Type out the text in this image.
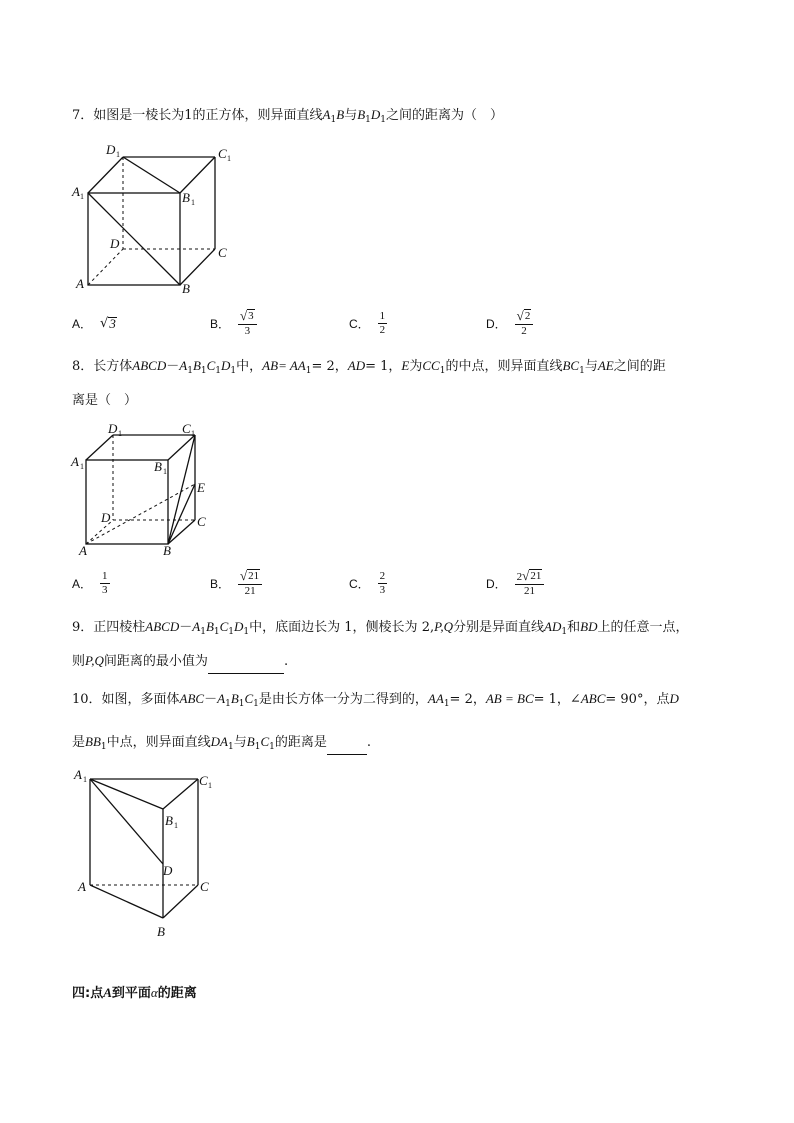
7．如图是一棱长为1的正方体，则异面直线$A_1B$与$B_1D_1$之间的距离为（　）
D 1	C 1
A 1	B 1
D
C
A	B
A． √ 3	B． $\frac{√ 3}{3}$	C． $\frac{1}{2}$	D． $\frac{√ 2}{2}$
8．长方体$ABCD-A_1B_1C_1D_1$中，$AB= AA_1= 2$，AD= 1，E为$CC_1$的中点，则异面直线$BC_1$与AE之间的距
离是（　）
D 1	C 1
A 1	B 1
E
D	C
A	B
A． $\frac{1}{3}$	B． $\frac{√ 21}{21}$	C． $\frac{2}{3}$	D． $\frac{2 √ 21}{21}$
9．正四棱柱$ABCD-A_1B_1C_1D_1$中，底面边长为 1，侧棱长为 2,P,Q分别是异面直线$AD_1$和BD上的任意一点，
则P,Q间距离的最小值为	.
10．如图，多面体$ABC-A_1B_1C_1$是由长方体一分为二得到的，$AA_1= 2$，AB = BC= 1，∠ABC= 90°，点D
是$BB_1$中点，则异面直线$DA_1$与$B_1C_1$的距离是	.
A 1	C 1
B 1
D
A	C
B
四:点A到平面α的距离
